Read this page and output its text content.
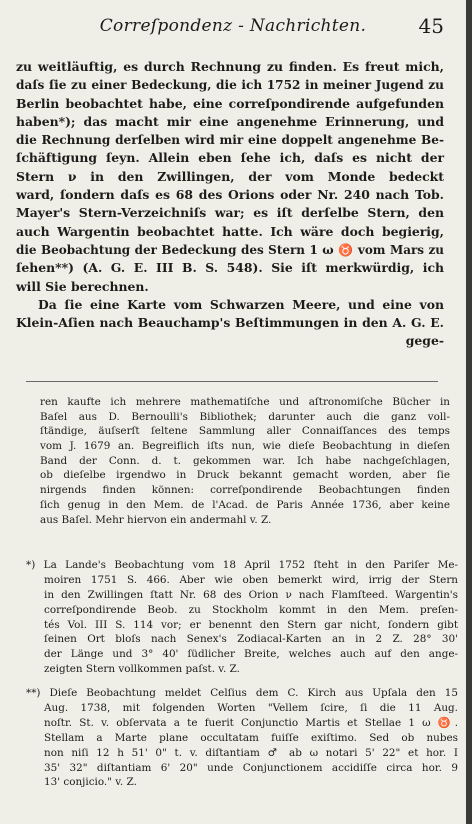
Correſpondenz - Nachrichten.	45
zu weitläuftig, es durch Rechnung zu finden. Es freut mich,
daſs ſie zu einer Bedeckung, die ich 1752 in meiner Jugend zu
Berlin beobachtet habe, eine correſpondirende aufgefunden
haben*); das macht mir eine angenehme Erinnerung, und
die Rechnung derſelben wird mir eine doppelt angenehme Be-
ſchäftigung ſeyn. Allein eben ſehe ich, daſs es nicht der
Stern ν in den Zwillingen, der vom Monde bedeckt
ward, ſondern daſs es 68 des Orions oder Nr. 240 nach Tob.
Mayer's Stern-Verzeichniſs war; es iſt derſelbe Stern, den
auch Wargentin beobachtet hatte. Ich wäre doch begierig,
die Beobachtung der Bedeckung des Stern 1 ω ♉ vom Mars zu
ſehen**) (A. G. E. III B. S. 548). Sie iſt merkwürdig, ich
will Sie berechnen.
Da ſie eine Karte vom Schwarzen Meere, und eine von
Klein-Aſien nach Beauchamp's Beſtimmungen in den A. G. E.
gege-
ren kaufte ich mehrere mathematiſche und aſtronomiſche Bücher in
Baſel aus D. Bernoulli's Bibliothek; darunter auch die ganz voll-
ſtändige, äuſserſt ſeltene Sammlung aller Connaiſſances des temps
vom J. 1679 an. Begreiflich iſts nun, wie dieſe Beobachtung in dieſen
Band der Conn. d. t. gekommen war. Ich habe nachgeſchlagen,
ob dieſelbe irgendwo in Druck bekannt gemacht worden, aber ſie
nirgends finden können: correſpondirende Beobachtungen finden
ſich genug in den Mem. de l'Acad. de Paris Année 1736, aber keine
aus Baſel. Mehr hiervon ein andermahl v. Z.
*) La Lande's Beobachtung vom 18 April 1752 ſteht in den Pariſer Me-
moiren 1751 S. 466. Aber wie oben bemerkt wird, irrig der Stern
in den Zwillingen ſtatt Nr. 68 des Orion ν nach Flamſteed. Wargentin's
correſpondirende Beob. zu Stockholm kommt in den Mem. preſen-
tés Vol. III S. 114 vor; er benennt den Stern gar nicht, ſondern gibt
ſeinen Ort bloſs nach Senex's Zodiacal-Karten an in 2 Z. 28° 30'
der Länge und 3° 40' ſüdlicher Breite, welches auch auf den ange-
zeigten Stern vollkommen paſst. v. Z.
**) Dieſe Beobachtung meldet Celſius dem C. Kirch aus Upſala den 15
Aug. 1738, mit folgenden Worten "Vellem ſcire, ſi die 11 Aug.
noſtr. St. v. obſervata a te fuerit Conjunctio Martis et Stellae 1 ω ♉.
Stellam a Marte plane occultatam fuiſſe exiſtimo. Sed ob nubes
non niſi 12 h 51' 0" t. v. diſtantiam ♂ ab ω notari 5' 22" et hor. I
35' 32" diſtantiam 6' 20" unde Conjunctionem accidiſſe circa hor. 9
13' conjicio." v. Z.
